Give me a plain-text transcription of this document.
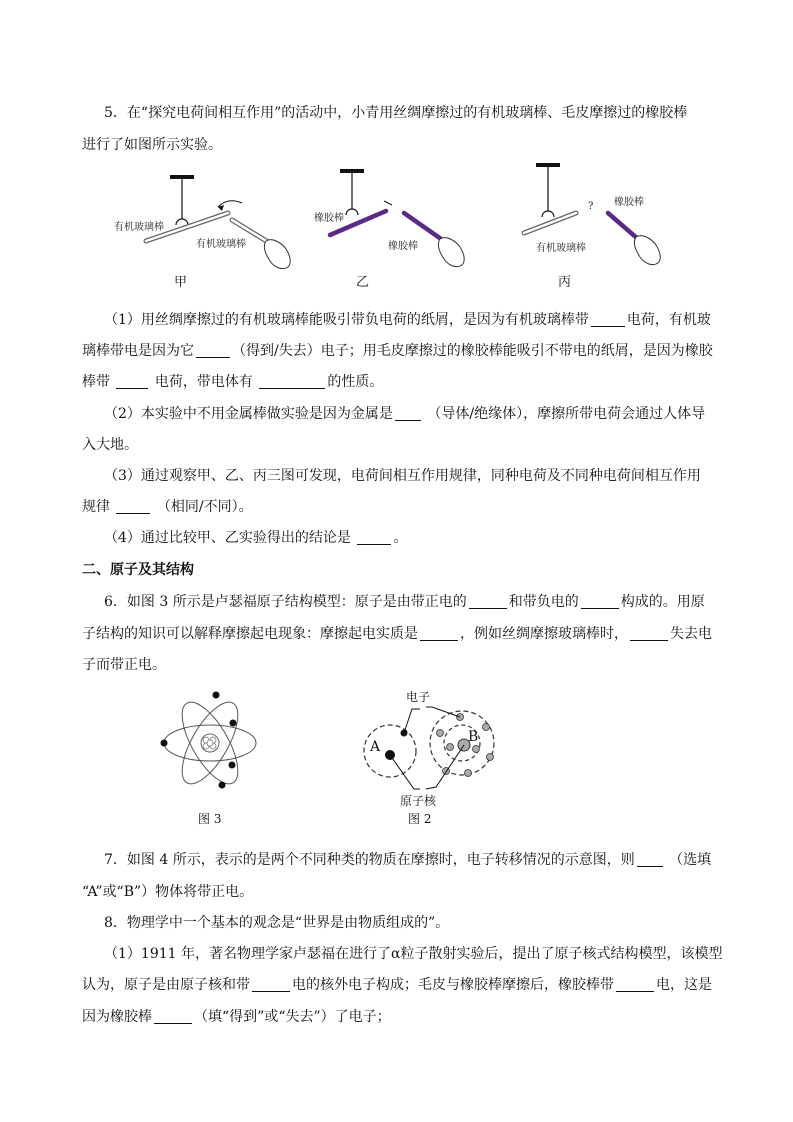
5．在“探究电荷间相互作用”的活动中，小青用丝绸摩擦过的有机玻璃棒、毛皮摩擦过的橡胶棒

进行了如图所示实验。

有机玻璃棒
有机玻璃棒
甲
橡胶棒
橡胶棒
乙
? 橡胶棒
有机玻璃棒
丙

（1）用丝绸摩擦过的有机玻璃棒能吸引带负电荷的纸屑，是因为有机玻璃棒带	电荷，有机玻

璃棒带电是因为它	（得到/失去）电子；用毛皮摩擦过的橡胶棒能吸引不带电的纸屑，是因为橡胶

棒带	电荷，带电体有	的性质。

（2）本实验中不用金属棒做实验是因为金属是 （导体/绝缘体），摩擦所带电荷会通过人体导

入大地。

（3）通过观察甲、乙、丙三图可发现，电荷间相互作用规律，同种电荷及不同种电荷间相互作用

规律	（相同/不同）。

（4）通过比较甲、乙实验得出的结论是	。

二、原子及其结构

6．如图 3 所示是卢瑟福原子结构模型：原子是由带正电的	和带负电的	构成的。用原

子结构的知识可以解释摩擦起电现象：摩擦起电实质是	，例如丝绸摩擦玻璃棒时，	失去电

子而带正电。

图 3
电子
A
B
原子核
图 2

7．如图 4 所示，表示的是两个不同种类的物质在摩擦时，电子转移情况的示意图，则 （选填

“A”或“B”）物体将带正电。

8．物理学中一个基本的观念是“世界是由物质组成的”。

（1）1911 年，著名物理学家卢瑟福在进行了α粒子散射实验后，提出了原子核式结构模型，该模型

认为，原子是由原子核和带	电的核外电子构成；毛皮与橡胶棒摩擦后，橡胶棒带	电，这是

因为橡胶棒	（填“得到”或“失去”）了电子；
